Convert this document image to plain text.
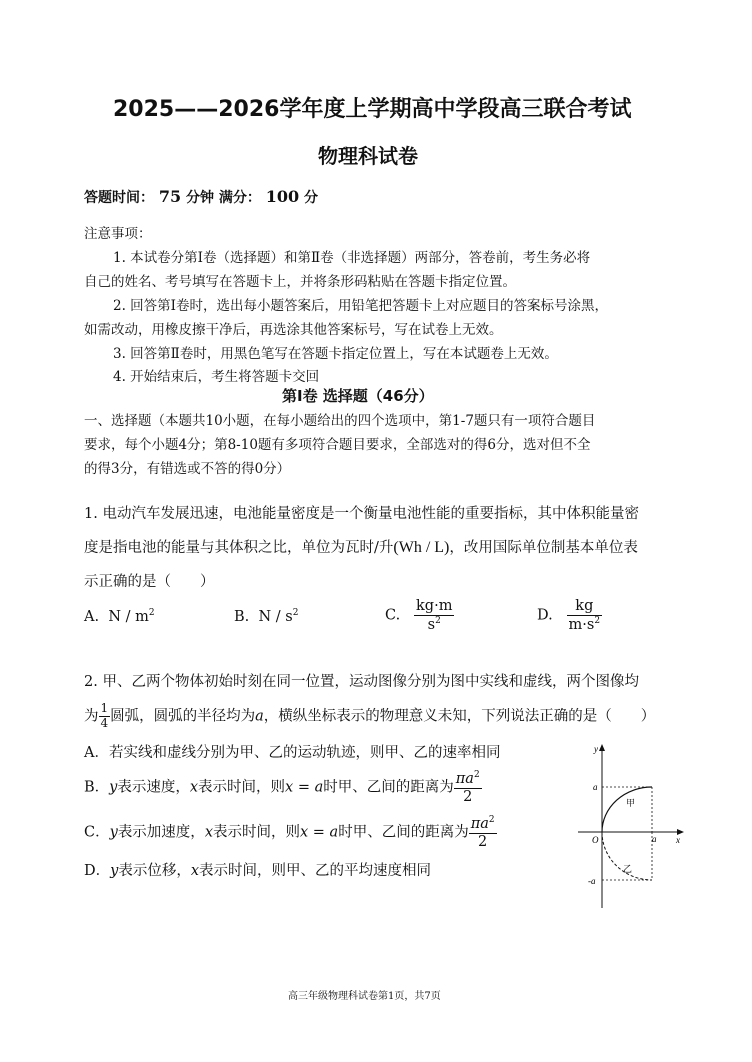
2025——2026学年度上学期高中学段高三联合考试
物理科试卷
答题时间： 75 分钟 满分： 100 分
注意事项：
1. 本试卷分第Ⅰ卷（选择题）和第Ⅱ卷（非选择题）两部分，答卷前，考生务必将
自己的姓名、考号填写在答题卡上，并将条形码粘贴在答题卡指定位置。
2. 回答第Ⅰ卷时，选出每小题答案后，用铅笔把答题卡上对应题目的答案标号涂黑，
如需改动，用橡皮擦干净后，再选涂其他答案标号，写在试卷上无效。
3. 回答第Ⅱ卷时，用黑色笔写在答题卡指定位置上，写在本试题卷上无效。
4. 开始结束后，考生将答题卡交回
第Ⅰ卷 选择题（46分）
一、选择题（本题共10小题，在每小题给出的四个选项中，第1-7题只有一项符合题目
要求，每个小题4分；第8-10题有多项符合题目要求，全部选对的得6分，选对但不全
的得3分，有错选或不答的得0分）
1. 电动汽车发展迅速，电池能量密度是一个衡量电池性能的重要指标，其中体积能量密
度是指电池的能量与其体积之比，单位为瓦时/升(Wh / L)，改用国际单位制基本单位表
示正确的是（　　）
A. N / $m^2$	B. N / $s^2$	C. $\frac{kg\cdot m}{s^2}$	D. $\frac{kg}{m\cdot s^2}$
2. 甲、乙两个物体初始时刻在同一位置，运动图像分别为图中实线和虚线，两个图像均
为 $\frac{1}{4}$ 圆弧，圆弧的半径均为a，横纵坐标表示的物理意义未知，下列说法正确的是（　　）
A．若实线和虚线分别为甲、乙的运动轨迹，则甲、乙的速率相同
B．y表示速度，x表示时间，则x = a时甲、乙间的距离为 $\frac{\pi a^2}{2}$
C．y表示加速度，x表示时间，则x = a时甲、乙间的距离为 $\frac{\pi a^2}{2}$
D．y表示位移，x表示时间，则甲、乙的平均速度相同
y
x
O
a
a
-a
甲
乙
高三年级物理科试卷第1页，共7页
